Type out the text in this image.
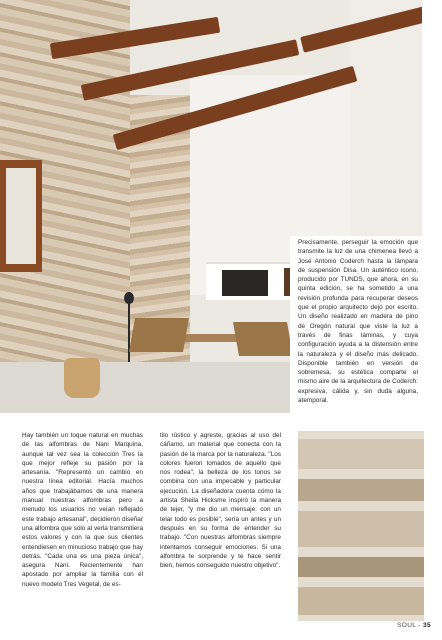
Precisamente, perseguir la emoción que transmite la luz de una chimenea llevó a José Antonio Coderch hasta la lámpara de suspensión Disa. Un auténtico icono, producido por TUNDS, que ahora, en su quinta edición, se ha sometido a una revisión profunda para recuperar deseos que el propio arquitecto dejó por escrito. Un diseño realizado en madera de pino de Oregón natural que viste la luz a través de finas láminas, y cuya configuración ayuda a la distensión entre la naturaleza y el diseño más delicado. Disponible también en versión de sobremesa, su estética comparte el mismo aire de la arquitectura de Coderch: expresiva, cálida y, sin duda alguna, atemporal.
Hay también un toque natural en muchas de las alfombras de Nani Marquina, aunque tal vez sea la colección Tres la que mejor refleje su pasión por la artesanía. "Representó un cambio en nuestra línea editorial. Hacía muchos años que trabajábamos de una manera manual nuestras alfombras pero a menudo los usuarios no veían reflejado este trabajo artesanal", decidieron diseñar una alfombra que sólo al verla transmitiera estos valores y con la que sus clientes entendiesen en minucioso trabajo que hay detrás. "Cada una es una pieza única", asegura Nani. Recientemente han apostado por ampliar la familia con el nuevo modelo Tres Vegetal, de es-
tilo rústico y agreste, gracias al uso del cáñamo, un material que conecta con la pasión de la marca por la naturaleza. "Los colores fueron tomados de aquello que nos rodea", la belleza de los tonos se combina con una impecable y particular ejecución. La diseñadora cuenta cómo la artista Sheila Hicksme inspiró la manera de tejer, "y me dio un mensaje: con un telar todo es posible", sería un antes y un después en su forma de entender su trabajo. "Con nuestras alfombras siempre intentamos conseguir emociones. Si una alfombra te sorprende y te hace sentir bien, hemos conseguido nuestro objetivo".
SOUL - 35
